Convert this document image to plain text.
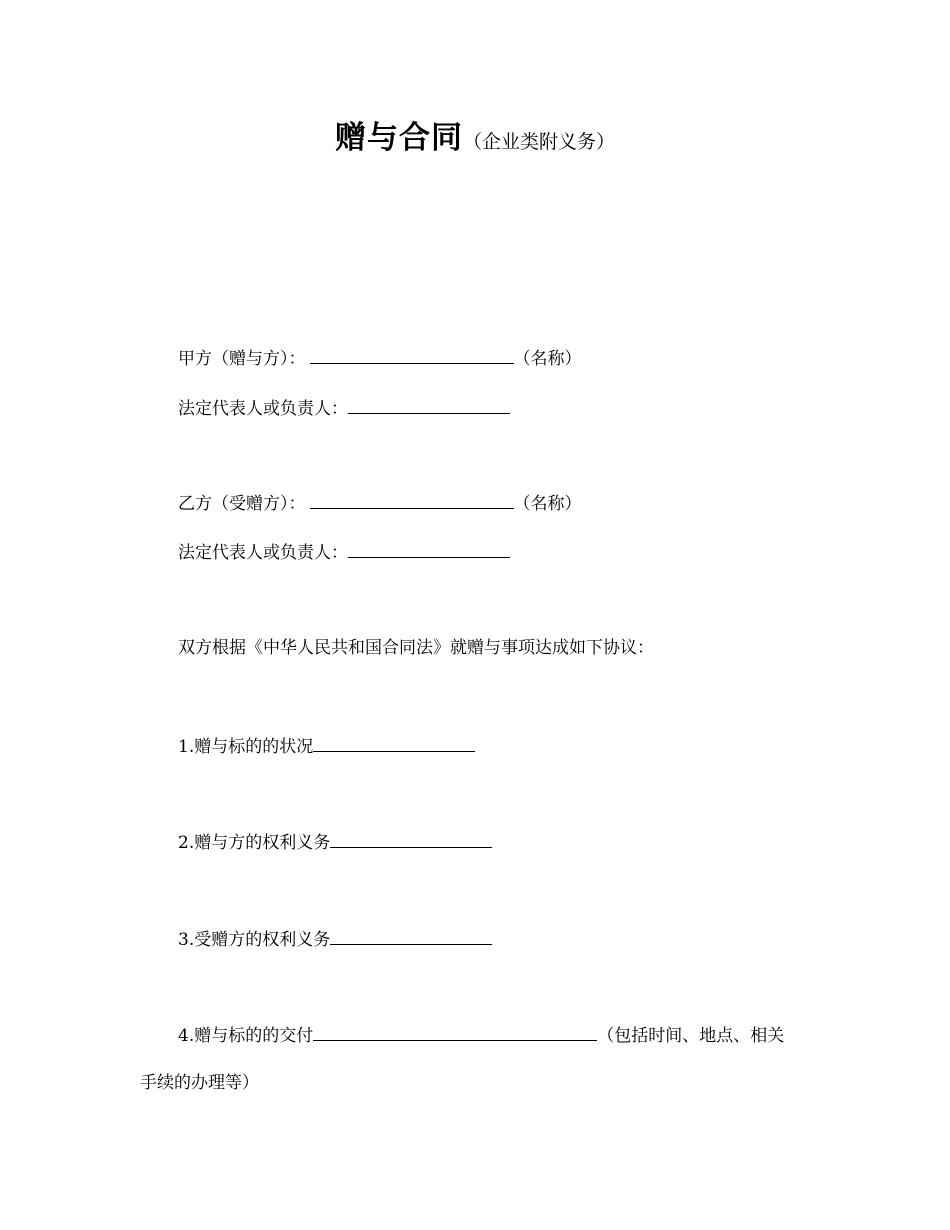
赠与合同（企业类附义务）
甲方（赠与方）：	（名称）
法定代表人或负责人：
乙方（受赠方）：	（名称）
法定代表人或负责人：
双方根据《中华人民共和国合同法》就赠与事项达成如下协议：
1.赠与标的的状况
2.赠与方的权利义务
3.受赠方的权利义务
4.赠与标的的交付	（包括时间、地点、相关
手续的办理等）
